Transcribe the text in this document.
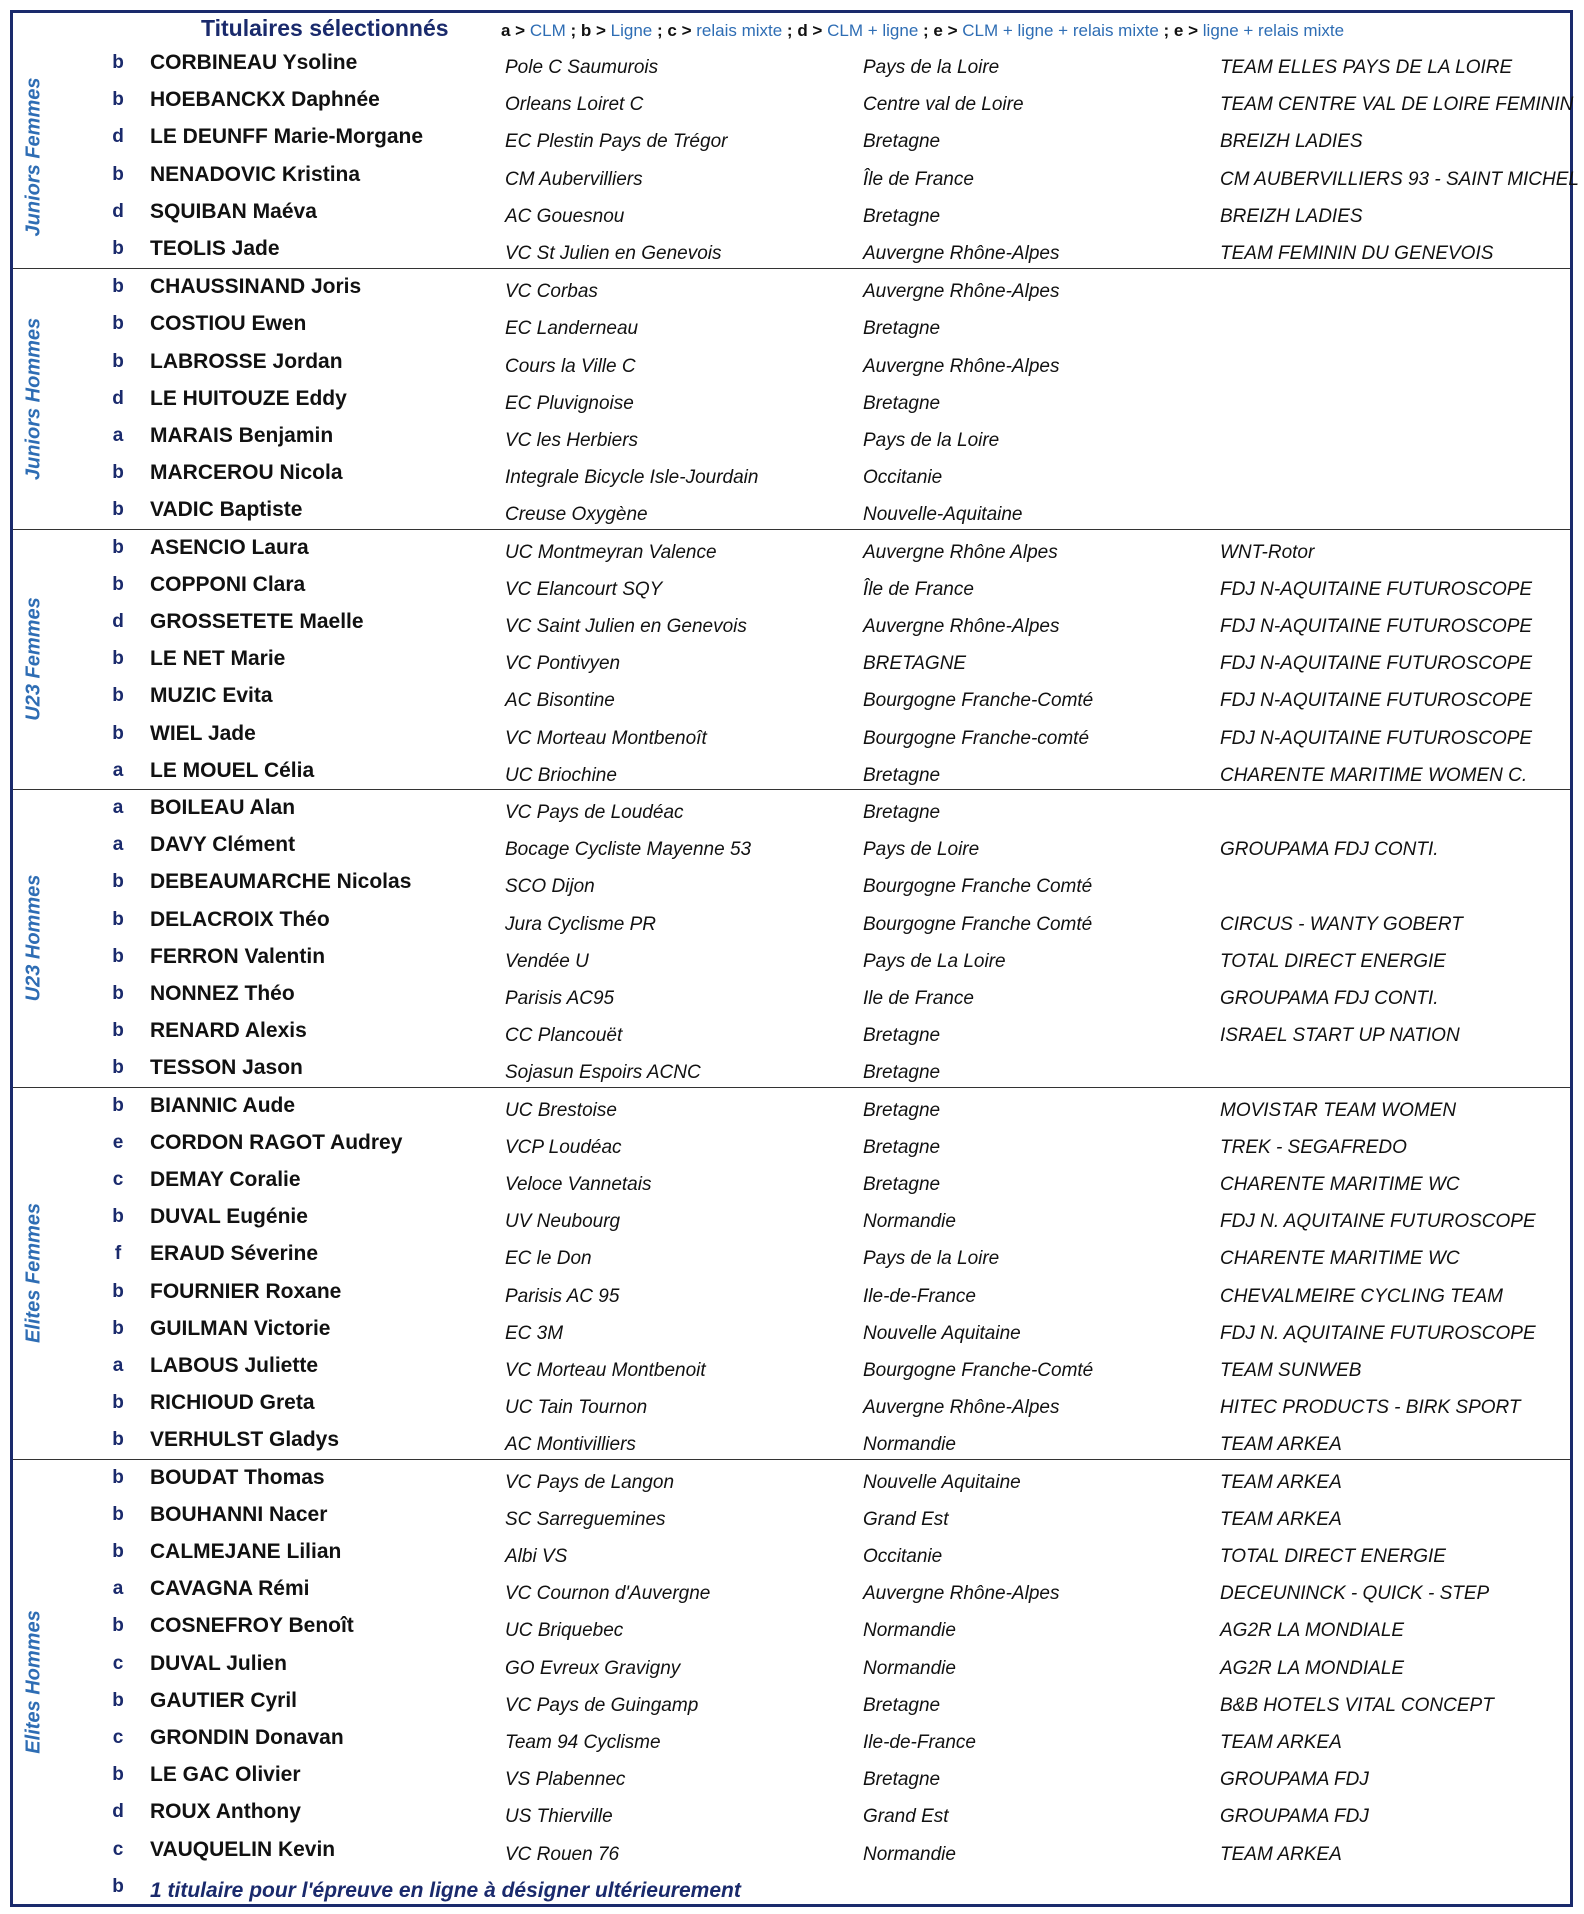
Titulaires sélectionnés	a > CLM ; b > Ligne ; c > relais mixte ; d > CLM + ligne ; e > CLM + ligne + relais mixte ; e > ligne + relais mixte
Juniors Femmes
b	CORBINEAU Ysoline	Pole C Saumurois	Pays de la Loire	TEAM ELLES PAYS DE LA LOIRE
b	HOEBANCKX Daphnée	Orleans Loiret C	Centre val de Loire	TEAM CENTRE VAL DE LOIRE FEMININ
d	LE DEUNFF Marie-Morgane	EC Plestin Pays de Trégor	Bretagne	BREIZH LADIES
b	NENADOVIC Kristina	CM Aubervilliers	Île de France	CM AUBERVILLIERS 93 - SAINT MICHEL
d	SQUIBAN Maéva	AC Gouesnou	Bretagne	BREIZH LADIES
b	TEOLIS Jade	VC St Julien en Genevois	Auvergne Rhône-Alpes	TEAM FEMININ DU GENEVOIS
Juniors Hommes
b	CHAUSSINAND Joris	VC Corbas	Auvergne Rhône-Alpes
b	COSTIOU Ewen	EC Landerneau	Bretagne
b	LABROSSE Jordan	Cours la Ville C	Auvergne Rhône-Alpes
d	LE HUITOUZE Eddy	EC Pluvignoise	Bretagne
a	MARAIS Benjamin	VC les Herbiers	Pays de la Loire
b	MARCEROU Nicola	Integrale Bicycle Isle-Jourdain	Occitanie
b	VADIC Baptiste	Creuse Oxygène	Nouvelle-Aquitaine
U23 Femmes
b	ASENCIO Laura	UC Montmeyran Valence	Auvergne Rhône Alpes	WNT-Rotor
b	COPPONI Clara	VC Elancourt SQY	Île de France	FDJ N-AQUITAINE FUTUROSCOPE
d	GROSSETETE Maelle	VC Saint Julien en Genevois	Auvergne Rhône-Alpes	FDJ N-AQUITAINE FUTUROSCOPE
b	LE NET Marie	VC Pontivyen	BRETAGNE	FDJ N-AQUITAINE FUTUROSCOPE
b	MUZIC Evita	AC Bisontine	Bourgogne Franche-Comté	FDJ N-AQUITAINE FUTUROSCOPE
b	WIEL Jade	VC Morteau Montbenoît	Bourgogne Franche-comté	FDJ N-AQUITAINE FUTUROSCOPE
a	LE MOUEL Célia	UC Briochine	Bretagne	CHARENTE MARITIME WOMEN C.
U23 Hommes
a	BOILEAU Alan	VC Pays de Loudéac	Bretagne
a	DAVY Clément	Bocage Cycliste Mayenne 53	Pays de Loire	GROUPAMA FDJ CONTI.
b	DEBEAUMARCHE Nicolas	SCO Dijon	Bourgogne Franche Comté
b	DELACROIX Théo	Jura Cyclisme PR	Bourgogne Franche Comté	CIRCUS - WANTY GOBERT
b	FERRON Valentin	Vendée U	Pays de La Loire	TOTAL DIRECT ENERGIE
b	NONNEZ Théo	Parisis AC95	Ile de France	GROUPAMA FDJ CONTI.
b	RENARD Alexis	CC Plancouët	Bretagne	ISRAEL START UP NATION
b	TESSON Jason	Sojasun Espoirs ACNC	Bretagne
Elites Femmes
b	BIANNIC Aude	UC Brestoise	Bretagne	MOVISTAR TEAM WOMEN
e	CORDON RAGOT Audrey	VCP Loudéac	Bretagne	TREK - SEGAFREDO
c	DEMAY Coralie	Veloce Vannetais	Bretagne	CHARENTE MARITIME WC
b	DUVAL Eugénie	UV Neubourg	Normandie	FDJ N. AQUITAINE FUTUROSCOPE
f	ERAUD Séverine	EC le Don	Pays de la Loire	CHARENTE MARITIME WC
b	FOURNIER Roxane	Parisis AC 95	Ile-de-France	CHEVALMEIRE CYCLING TEAM
b	GUILMAN Victorie	EC 3M	Nouvelle Aquitaine	FDJ N. AQUITAINE FUTUROSCOPE
a	LABOUS Juliette	VC Morteau Montbenoit	Bourgogne Franche-Comté	TEAM SUNWEB
b	RICHIOUD Greta	UC Tain Tournon	Auvergne Rhône-Alpes	HITEC PRODUCTS - BIRK SPORT
b	VERHULST Gladys	AC Montivilliers	Normandie	TEAM ARKEA
Elites Hommes
b	BOUDAT Thomas	VC Pays de Langon	Nouvelle Aquitaine	TEAM ARKEA
b	BOUHANNI Nacer	SC Sarreguemines	Grand Est	TEAM ARKEA
b	CALMEJANE Lilian	Albi VS	Occitanie	TOTAL DIRECT ENERGIE
a	CAVAGNA Rémi	VC Cournon d'Auvergne	Auvergne Rhône-Alpes	DECEUNINCK - QUICK - STEP
b	COSNEFROY Benoît	UC Briquebec	Normandie	AG2R LA MONDIALE
c	DUVAL Julien	GO Evreux Gravigny	Normandie	AG2R LA MONDIALE
b	GAUTIER Cyril	VC Pays de Guingamp	Bretagne	B&B HOTELS VITAL CONCEPT
c	GRONDIN Donavan	Team 94 Cyclisme	Ile-de-France	TEAM ARKEA
b	LE GAC Olivier	VS Plabennec	Bretagne	GROUPAMA FDJ
d	ROUX Anthony	US Thierville	Grand Est	GROUPAMA FDJ
c	VAUQUELIN Kevin	VC Rouen 76	Normandie	TEAM ARKEA
b	1 titulaire pour l'épreuve en ligne à désigner ultérieurement
